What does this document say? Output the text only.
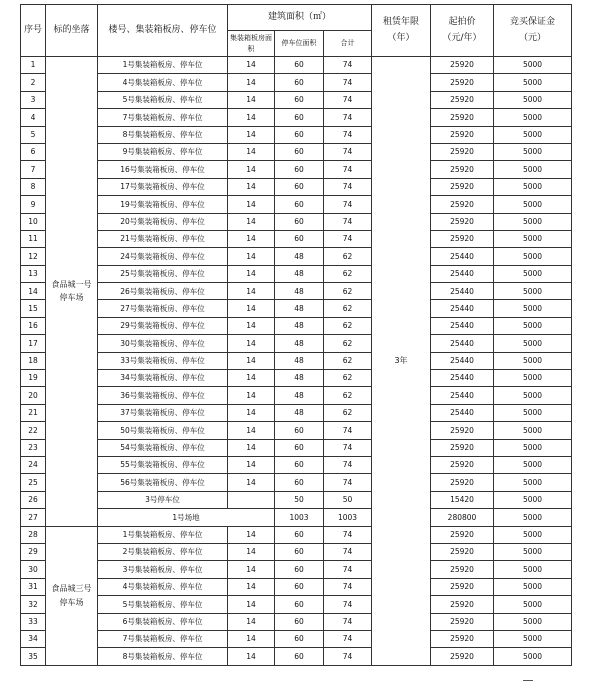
序号	标的坐落	楼号、集装箱板房、停车位	建筑面积（㎡）			租赁年限（年）	起拍价（元/年）	竞买保证金（元）
			集装箱板房面积	停车位面积	合计			
1	食品城一号停车场	1号集装箱板房、停车位	14	60	74	3年	25920	5000
2		4号集装箱板房、停车位	14	60	74		25920	5000
3		5号集装箱板房、停车位	14	60	74		25920	5000
4		7号集装箱板房、停车位	14	60	74		25920	5000
5		8号集装箱板房、停车位	14	60	74		25920	5000
6		9号集装箱板房、停车位	14	60	74		25920	5000
7		16号集装箱板房、停车位	14	60	74		25920	5000
8		17号集装箱板房、停车位	14	60	74		25920	5000
9		19号集装箱板房、停车位	14	60	74		25920	5000
10		20号集装箱板房、停车位	14	60	74		25920	5000
11		21号集装箱板房、停车位	14	60	74		25920	5000
12		24号集装箱板房、停车位	14	48	62		25440	5000
13		25号集装箱板房、停车位	14	48	62		25440	5000
14		26号集装箱板房、停车位	14	48	62		25440	5000
15		27号集装箱板房、停车位	14	48	62		25440	5000
16		29号集装箱板房、停车位	14	48	62		25440	5000
17		30号集装箱板房、停车位	14	48	62		25440	5000
18		33号集装箱板房、停车位	14	48	62		25440	5000
19		34号集装箱板房、停车位	14	48	62		25440	5000
20		36号集装箱板房、停车位	14	48	62		25440	5000
21		37号集装箱板房、停车位	14	48	62		25440	5000
22		50号集装箱板房、停车位	14	60	74		25920	5000
23		54号集装箱板房、停车位	14	60	74		25920	5000
24		55号集装箱板房、停车位	14	60	74		25920	5000
25		56号集装箱板房、停车位	14	60	74		25920	5000
26		3号停车位		50	50		15420	5000
27		1号场地		1003	1003		280800	5000
28	食品城三号停车场	1号集装箱板房、停车位	14	60	74		25920	5000
29		2号集装箱板房、停车位	14	60	74		25920	5000
30		3号集装箱板房、停车位	14	60	74		25920	5000
31		4号集装箱板房、停车位	14	60	74		25920	5000
32		5号集装箱板房、停车位	14	60	74		25920	5000
33		6号集装箱板房、停车位	14	60	74		25920	5000
34		7号集装箱板房、停车位	14	60	74		25920	5000
35		8号集装箱板房、停车位	14	60	74		25920	5000
